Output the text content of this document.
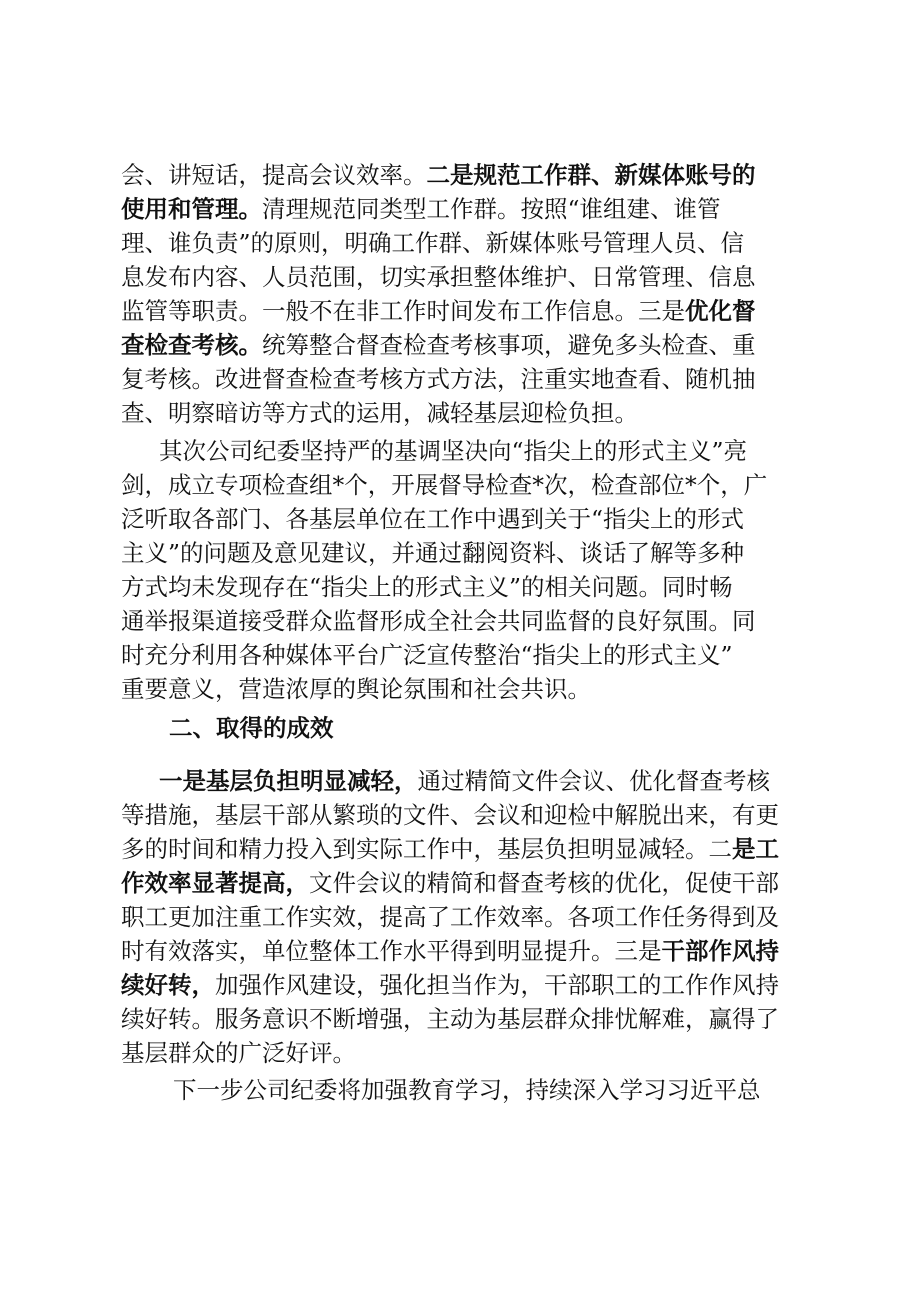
会、讲短话，提高会议效率。二是规范工作群、新媒体账号的
使用和管理。清理规范同类型工作群。按照“谁组建、谁管
理、谁负责”的原则，明确工作群、新媒体账号管理人员、信
息发布内容、人员范围，切实承担整体维护、日常管理、信息
监管等职责。一般不在非工作时间发布工作信息。三是优化督
查检查考核。统筹整合督查检查考核事项，避免多头检查、重
复考核。改进督查检查考核方式方法，注重实地查看、随机抽
查、明察暗访等方式的运用，减轻基层迎检负担。
其次公司纪委坚持严的基调坚决向“指尖上的形式主义”亮
剑，成立专项检查组*个，开展督导检查*次，检查部位*个，广
泛听取各部门、各基层单位在工作中遇到关于“指尖上的形式
主义”的问题及意见建议，并通过翻阅资料、谈话了解等多种
方式均未发现存在“指尖上的形式主义”的相关问题。同时畅
通举报渠道接受群众监督形成全社会共同监督的良好氛围。同
时充分利用各种媒体平台广泛宣传整治“指尖上的形式主义”
重要意义，营造浓厚的舆论氛围和社会共识。
二、取得的成效
一是基层负担明显减轻，通过精简文件会议、优化督查考核
等措施，基层干部从繁琐的文件、会议和迎检中解脱出来，有更
多的时间和精力投入到实际工作中，基层负担明显减轻。二是工
作效率显著提高，文件会议的精简和督查考核的优化，促使干部
职工更加注重工作实效，提高了工作效率。各项工作任务得到及
时有效落实，单位整体工作水平得到明显提升。三是干部作风持
续好转，加强作风建设，强化担当作为，干部职工的工作作风持
续好转。服务意识不断增强，主动为基层群众排忧解难，赢得了
基层群众的广泛好评。
下一步公司纪委将加强教育学习，持续深入学习习近平总
